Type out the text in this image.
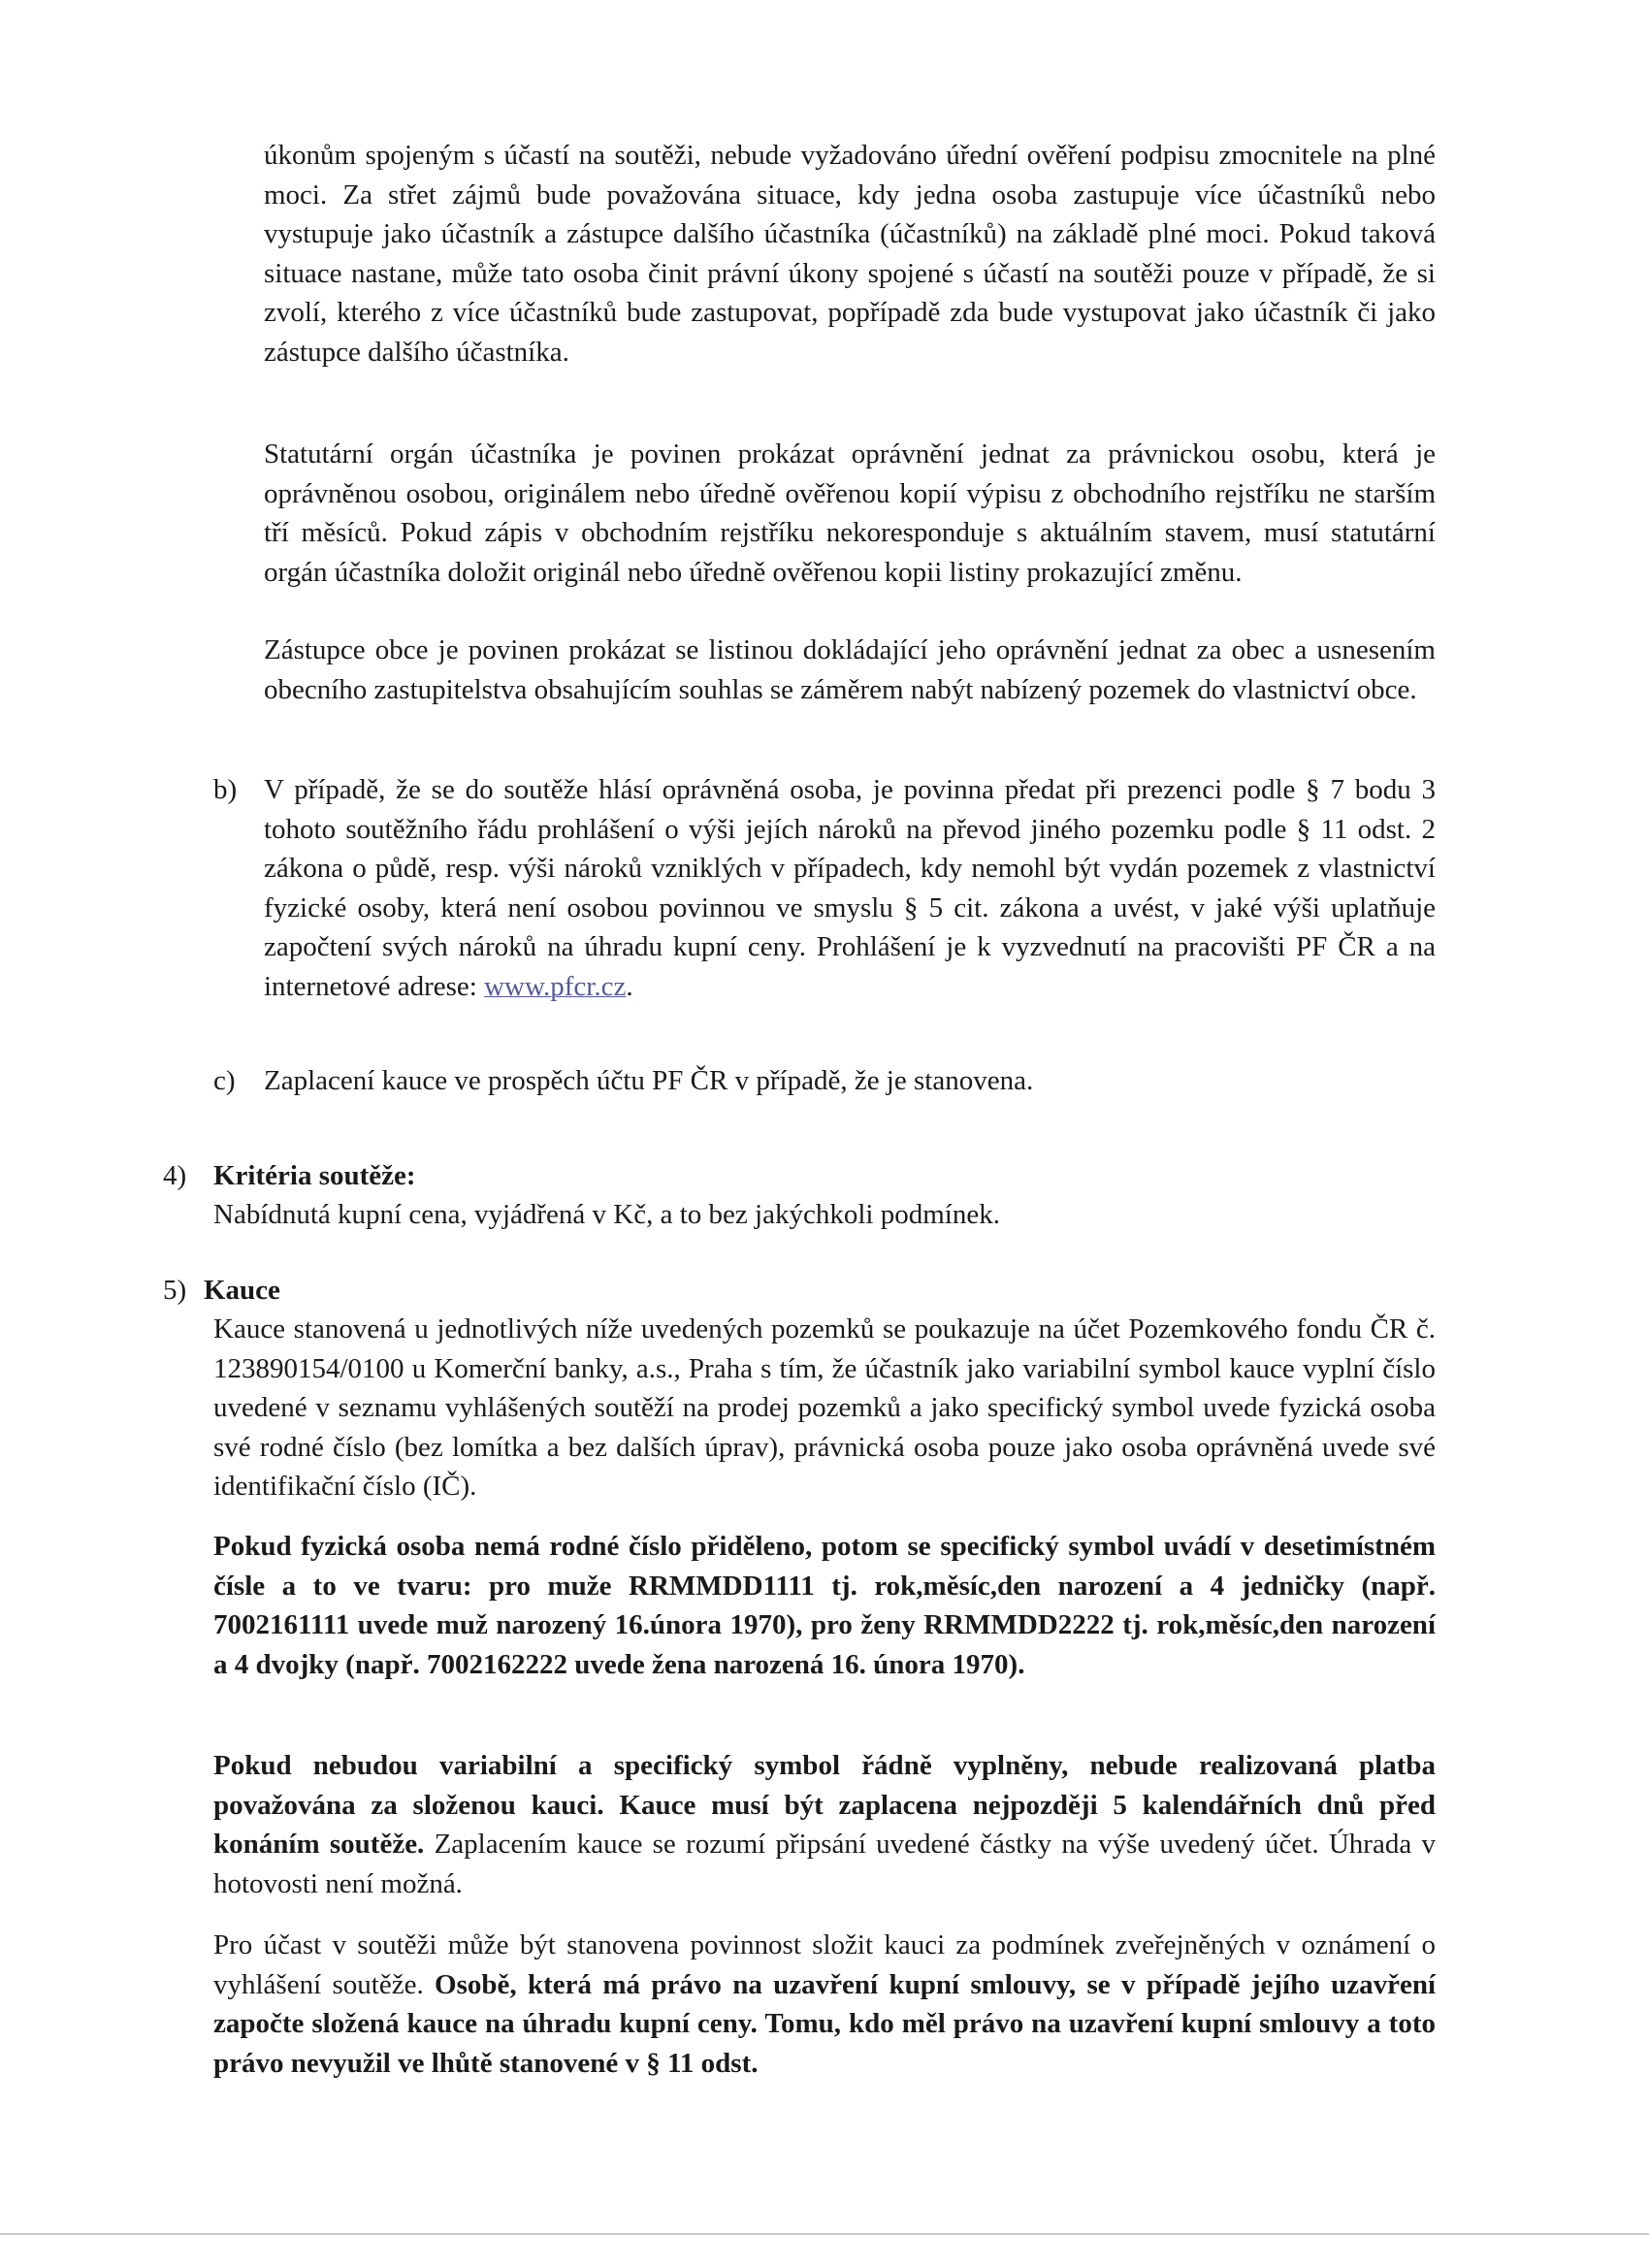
úkonům spojeným s účastí na soutěži, nebude vyžadováno úřední ověření podpisu zmocnitele na plné moci. Za střet zájmů bude považována situace, kdy jedna osoba zastupuje více účastníků nebo vystupuje jako účastník a zástupce dalšího účastníka (účastníků) na základě plné moci. Pokud taková situace nastane, může tato osoba činit právní úkony spojené s účastí na soutěži pouze v případě, že si zvolí, kterého z více účastníků bude zastupovat, popřípadě zda bude vystupovat jako účastník či jako zástupce dalšího účastníka.

Statutární orgán účastníka je povinen prokázat oprávnění jednat za právnickou osobu, která je oprávněnou osobou, originálem nebo úředně ověřenou kopií výpisu z obchodního rejstříku ne starším tří měsíců. Pokud zápis v obchodním rejstříku nekoresponduje s aktuálním stavem, musí statutární orgán účastníka doložit originál nebo úředně ověřenou kopii listiny prokazující změnu.

Zástupce obce je povinen prokázat se listinou dokládající jeho oprávnění jednat za obec a usnesením obecního zastupitelstva obsahujícím souhlas se záměrem nabýt nabízený pozemek do vlastnictví obce.

b) V případě, že se do soutěže hlásí oprávněná osoba, je povinna předat při prezenci podle § 7 bodu 3 tohoto soutěžního řádu prohlášení o výši jejích nároků na převod jiného pozemku podle § 11 odst. 2 zákona o půdě, resp. výši nároků vzniklých v případech, kdy nemohl být vydán pozemek z vlastnictví fyzické osoby, která není osobou povinnou ve smyslu § 5 cit. zákona a uvést, v jaké výši uplatňuje započtení svých nároků na úhradu kupní ceny. Prohlášení je k vyzvednutí na pracovišti PF ČR a na internetové adrese: www.pfcr.cz.

c) Zaplacení kauce ve prospěch účtu PF ČR v případě, že je stanovena.

4) Kritéria soutěže:

Nabídnutá kupní cena, vyjádřená v Kč, a to bez jakýchkoli podmínek.

5) Kauce

Kauce stanovená u jednotlivých níže uvedených pozemků se poukazuje na účet Pozemkového fondu ČR č. 123890154/0100 u Komerční banky, a.s., Praha s tím, že účastník jako variabilní symbol kauce vyplní číslo uvedené v seznamu vyhlášených soutěží na prodej pozemků a jako specifický symbol uvede fyzická osoba své rodné číslo (bez lomítka a bez dalších úprav), právnická osoba pouze jako osoba oprávněná uvede své identifikační číslo (IČ).

Pokud fyzická osoba nemá rodné číslo přiděleno, potom se specifický symbol uvádí v desetimístném čísle a to ve tvaru: pro muže RRMMDD1111 tj. rok,měsíc,den narození a 4 jedničky (např. 7002161111 uvede muž narozený 16.února 1970), pro ženy RRMMDD2222 tj. rok,měsíc,den narození a 4 dvojky (např. 7002162222 uvede žena narozená 16. února 1970).

Pokud nebudou variabilní a specifický symbol řádně vyplněny, nebude realizovaná platba považována za složenou kauci. Kauce musí být zaplacena nejpozději 5 kalendářních dnů před konáním soutěže. Zaplacením kauce se rozumí připsání uvedené částky na výše uvedený účet. Úhrada v hotovosti není možná.

Pro účast v soutěži může být stanovena povinnost složit kauci za podmínek zveřejněných v oznámení o vyhlášení soutěže. Osobě, která má právo na uzavření kupní smlouvy, se v případě jejího uzavření započte složená kauce na úhradu kupní ceny. Tomu, kdo měl právo na uzavření kupní smlouvy a toto právo nevyužil ve lhůtě stanovené v § 11 odst.
